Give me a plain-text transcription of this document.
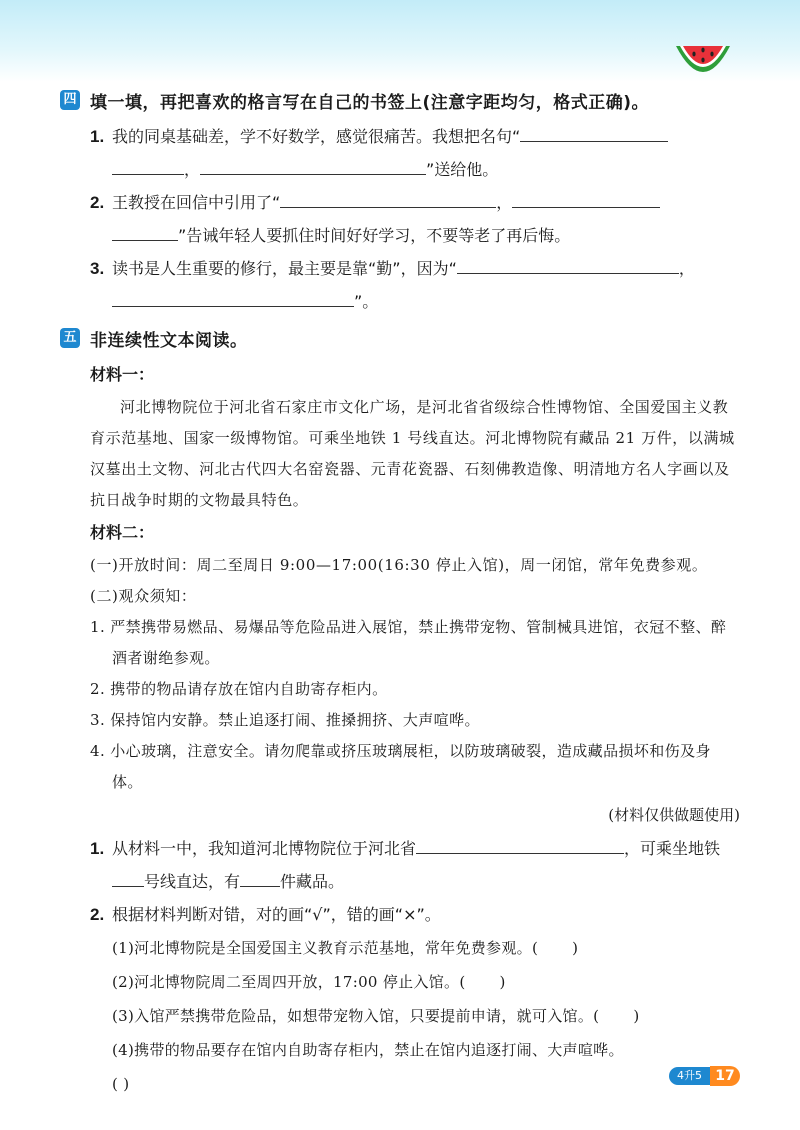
四 填一填，再把喜欢的格言写在自己的书签上(注意字距均匀，格式正确)。
1. 我的同桌基础差，学不好数学，感觉很痛苦。我想把名句“
，	”送给他。
2. 王教授在回信中引用了“	，
”告诫年轻人要抓住时间好好学习，不要等老了再后悔。
3. 读书是人生重要的修行，最主要是靠“勤”，因为“	，
”。
五 非连续性文本阅读。
材料一：
河北博物院位于河北省石家庄市文化广场，是河北省省级综合性博物馆、全国爱国主义教育示范基地、国家一级博物馆。可乘坐地铁 1 号线直达。河北博物院有藏品 21 万件，以满城汉墓出土文物、河北古代四大名窑瓷器、元青花瓷器、石刻佛教造像、明清地方名人字画以及抗日战争时期的文物最具特色。
材料二：
(一)开放时间：周二至周日 9:00—17:00(16:30 停止入馆)，周一闭馆，常年免费参观。
(二)观众须知：
1. 严禁携带易燃品、易爆品等危险品进入展馆，禁止携带宠物、管制械具进馆，衣冠不整、醉酒者谢绝参观。
2. 携带的物品请存放在馆内自助寄存柜内。
3. 保持馆内安静。禁止追逐打闹、推搡拥挤、大声喧哗。
4. 小心玻璃，注意安全。请勿爬靠或挤压玻璃展柜，以防玻璃破裂，造成藏品损坏和伤及身体。
(材料仅供做题使用)
1. 从材料一中，我知道河北博物院位于河北省	，可乘坐地铁号线直达，有	件藏品。
2. 根据材料判断对错，对的画“√”，错的画“×”。
(1)河北博物院是全国爱国主义教育示范基地，常年免费参观。( )
(2)河北博物院周二至周四开放，17:00 停止入馆。( )
(3)入馆严禁携带危险品，如想带宠物入馆，只要提前申请，就可入馆。( )
(4)携带的物品要存在馆内自助寄存柜内，禁止在馆内追逐打闹、大声喧哗。
( )	4升5 17
